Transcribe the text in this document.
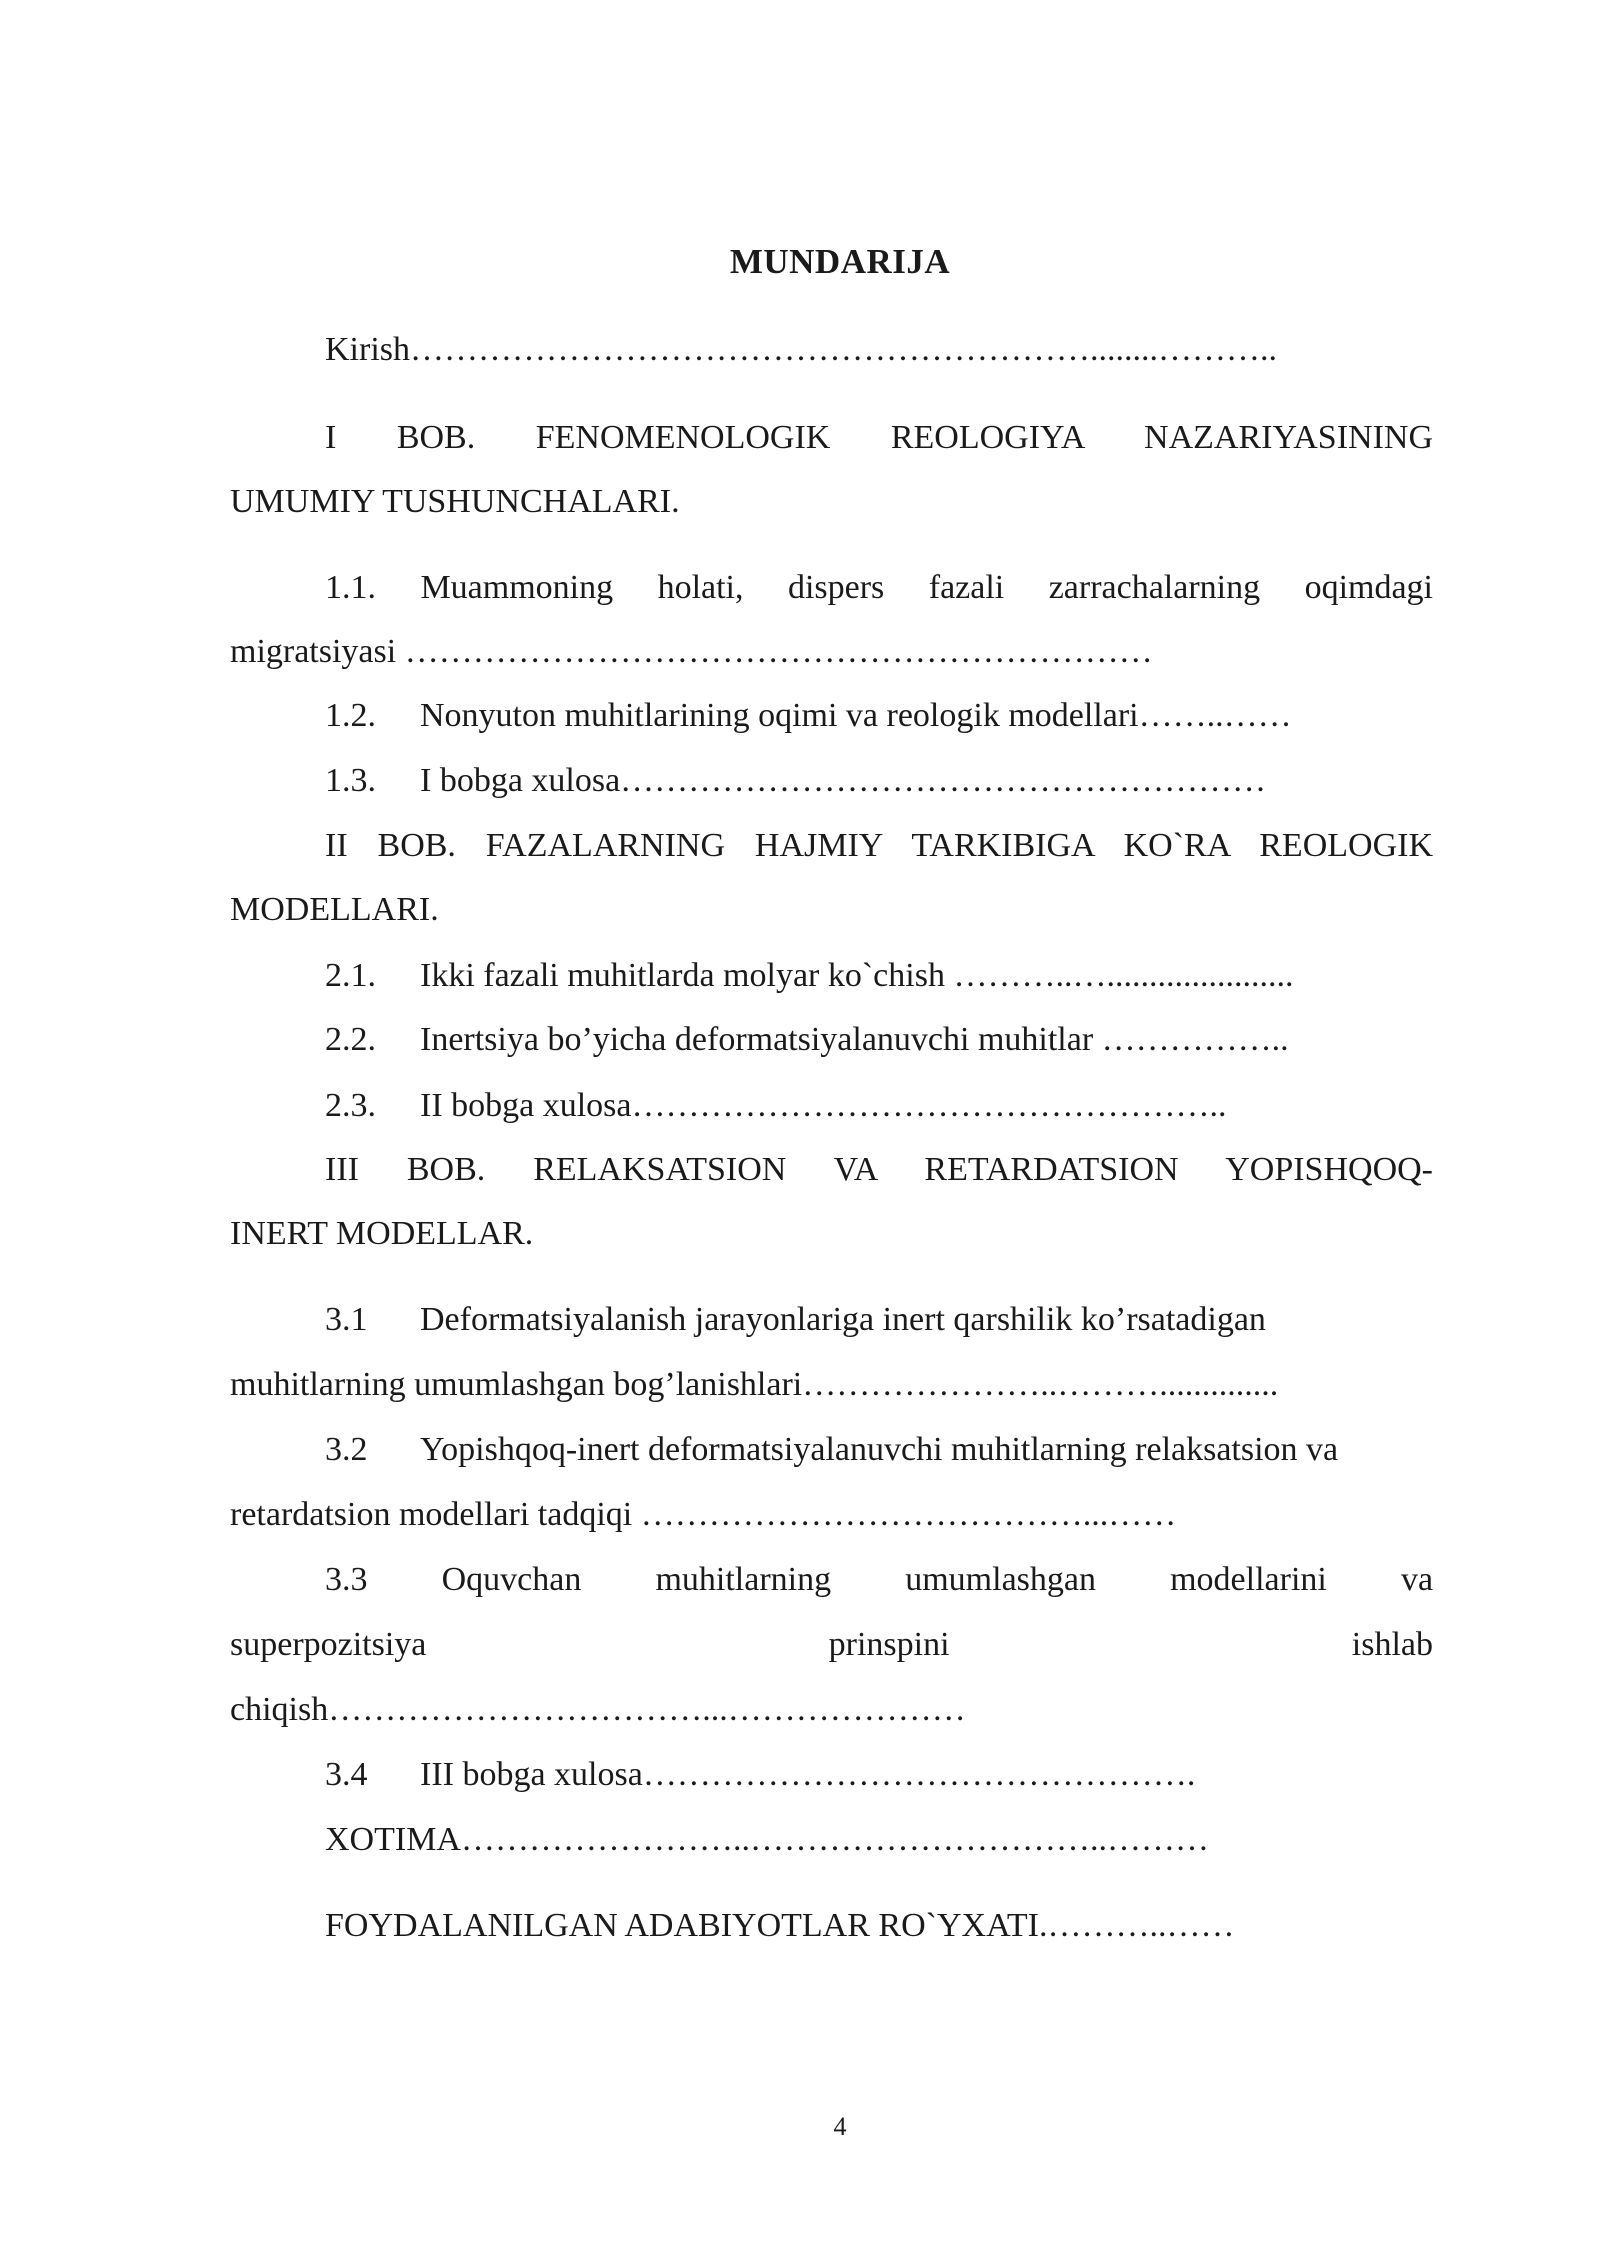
MUNDARIJA
Kirish……………………………………………………........………..
I BOB. FENOMENOLOGIK REOLOGIYA NAZARIYASINING
UMUMIY TUSHUNCHALARI.
1.1. Muammoning holati, dispers fazali zarrachalarning oqimdagi
migratsiyasi …………………………………………………………
1.2. Nonyuton muhitlarining oqimi va reologik modellari……..……
1.3. I bobga xulosa…………………………………………………
II BOB. FAZALARNING HAJMIY TARKIBIGA KO`RA REOLOGIK
MODELLARI.
2.1. Ikki fazali muhitlarda molyar ko`chish ………..…......................
2.2. Inertsiya bo’yicha deformatsiyalanuvchi muhitlar ……………..
2.3. II bobga xulosa……………………………………………..
III BOB. RELAKSATSION VA RETARDATSION YOPISHQOQ-
INERT MODELLAR.
3.1 Deformatsiyalanish jarayonlariga inert qarshilik ko’rsatadigan
muhitlarning umumlashgan bog’lanishlari…………………..………..............
3.2 Yopishqoq-inert deformatsiyalanuvchi muhitlarning relaksatsion va
retardatsion modellari tadqiqi …………………………………...……
3.3 Oquvchan muhitlarning umumlashgan modellarini va
superpozitsiya	prinspini	ishlab
chiqish……………………………...…………………
3.4 III bobga xulosa………………………………………….
XOTIMA……………………..…………………………..………
FOYDALANILGAN ADABIYOTLAR RO`YXATI.………..……
4
